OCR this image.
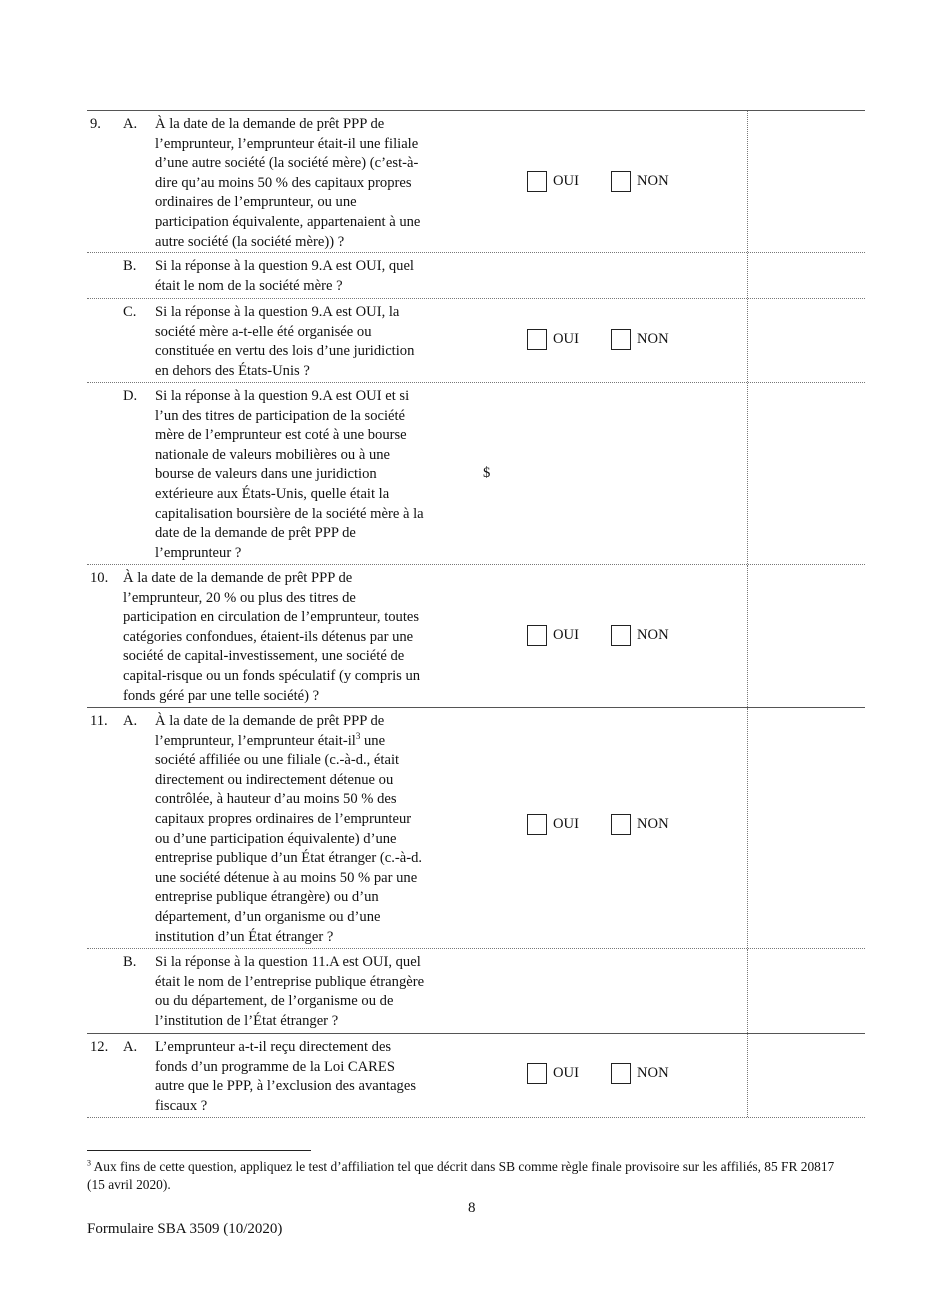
9. A. À la date de la demande de prêt PPP de
l’emprunteur, l’emprunteur était-il une filiale
d’une autre société (la société mère) (c’est-à-
dire qu’au moins 50 % des capitaux propres
ordinaires de l’emprunteur, ou une
participation équivalente, appartenaient à une
autre société (la société mère)) ?
OUI	NON
B. Si la réponse à la question 9.A est OUI, quel
était le nom de la société mère ?
C. Si la réponse à la question 9.A est OUI, la
société mère a-t-elle été organisée ou
constituée en vertu des lois d’une juridiction
en dehors des États-Unis ?
OUI	NON
D. Si la réponse à la question 9.A est OUI et si
l’un des titres de participation de la société
mère de l’emprunteur est coté à une bourse
nationale de valeurs mobilières ou à une
bourse de valeurs dans une juridiction
extérieure aux États-Unis, quelle était la
capitalisation boursière de la société mère à la
date de la demande de prêt PPP de
l’emprunteur ?
$
10. À la date de la demande de prêt PPP de
l’emprunteur, 20 % ou plus des titres de
participation en circulation de l’emprunteur, toutes
catégories confondues, étaient-ils détenus par une
société de capital-investissement, une société de
capital-risque ou un fonds spéculatif (y compris un
fonds géré par une telle société) ?
OUI	NON
11. A. À la date de la demande de prêt PPP de
l’emprunteur, l’emprunteur était-$il^3$ une
société affiliée ou une filiale (c.-à-d., était
directement ou indirectement détenue ou
contrôlée, à hauteur d’au moins 50 % des
capitaux propres ordinaires de l’emprunteur
ou d’une participation équivalente) d’une
entreprise publique d’un État étranger (c.-à-d.
une société détenue à au moins 50 % par une
entreprise publique étrangère) ou d’un
département, d’un organisme ou d’une
institution d’un État étranger ?
OUI	NON
B. Si la réponse à la question 11.A est OUI, quel
était le nom de l’entreprise publique étrangère
ou du département, de l’organisme ou de
l’institution de l’État étranger ?
12. A. L’emprunteur a-t-il reçu directement des
fonds d’un programme de la Loi CARES
autre que le PPP, à l’exclusion des avantages
fiscaux ?
OUI	NON
$^3$ Aux fins de cette question, appliquez le test d’affiliation tel que décrit dans SB comme règle finale provisoire sur les affiliés, 85 FR 20817 (15 avril 2020).
8
Formulaire SBA 3509 (10/2020)
